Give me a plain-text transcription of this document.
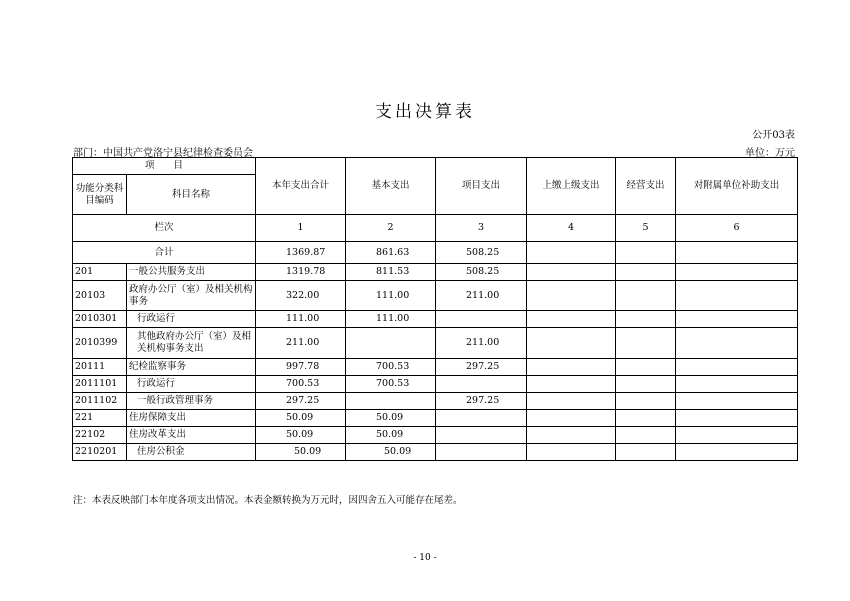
支出决算表
公开03表
部门：中国共产党洛宁县纪律检查委员会	单位：万元
项　　目		本年支出合计	基本支出	项目支出	上缴上级支出	经营支出	对附属单位补助支出
功能分类科目编码	科目名称						
栏次		1	2	3	4	5	6
合计		1369.87	861.63	508.25			
201	一般公共服务支出	1319.78	811.53	508.25			
20103	政府办公厅（室）及相关机构事务	322.00	111.00	211.00			
2010301	行政运行	111.00	111.00				
2010399	其他政府办公厅（室）及相关机构事务支出	211.00		211.00			
20111	纪检监察事务	997.78	700.53	297.25			
2011101	行政运行	700.53	700.53				
2011102	一般行政管理事务	297.25		297.25			
221	住房保障支出	50.09	50.09				
22102	住房改革支出	50.09	50.09				
2210201	住房公积金	50.09	50.09				
注：本表反映部门本年度各项支出情况。本表金额转换为万元时，因四舍五入可能存在尾差。
- 10 -
